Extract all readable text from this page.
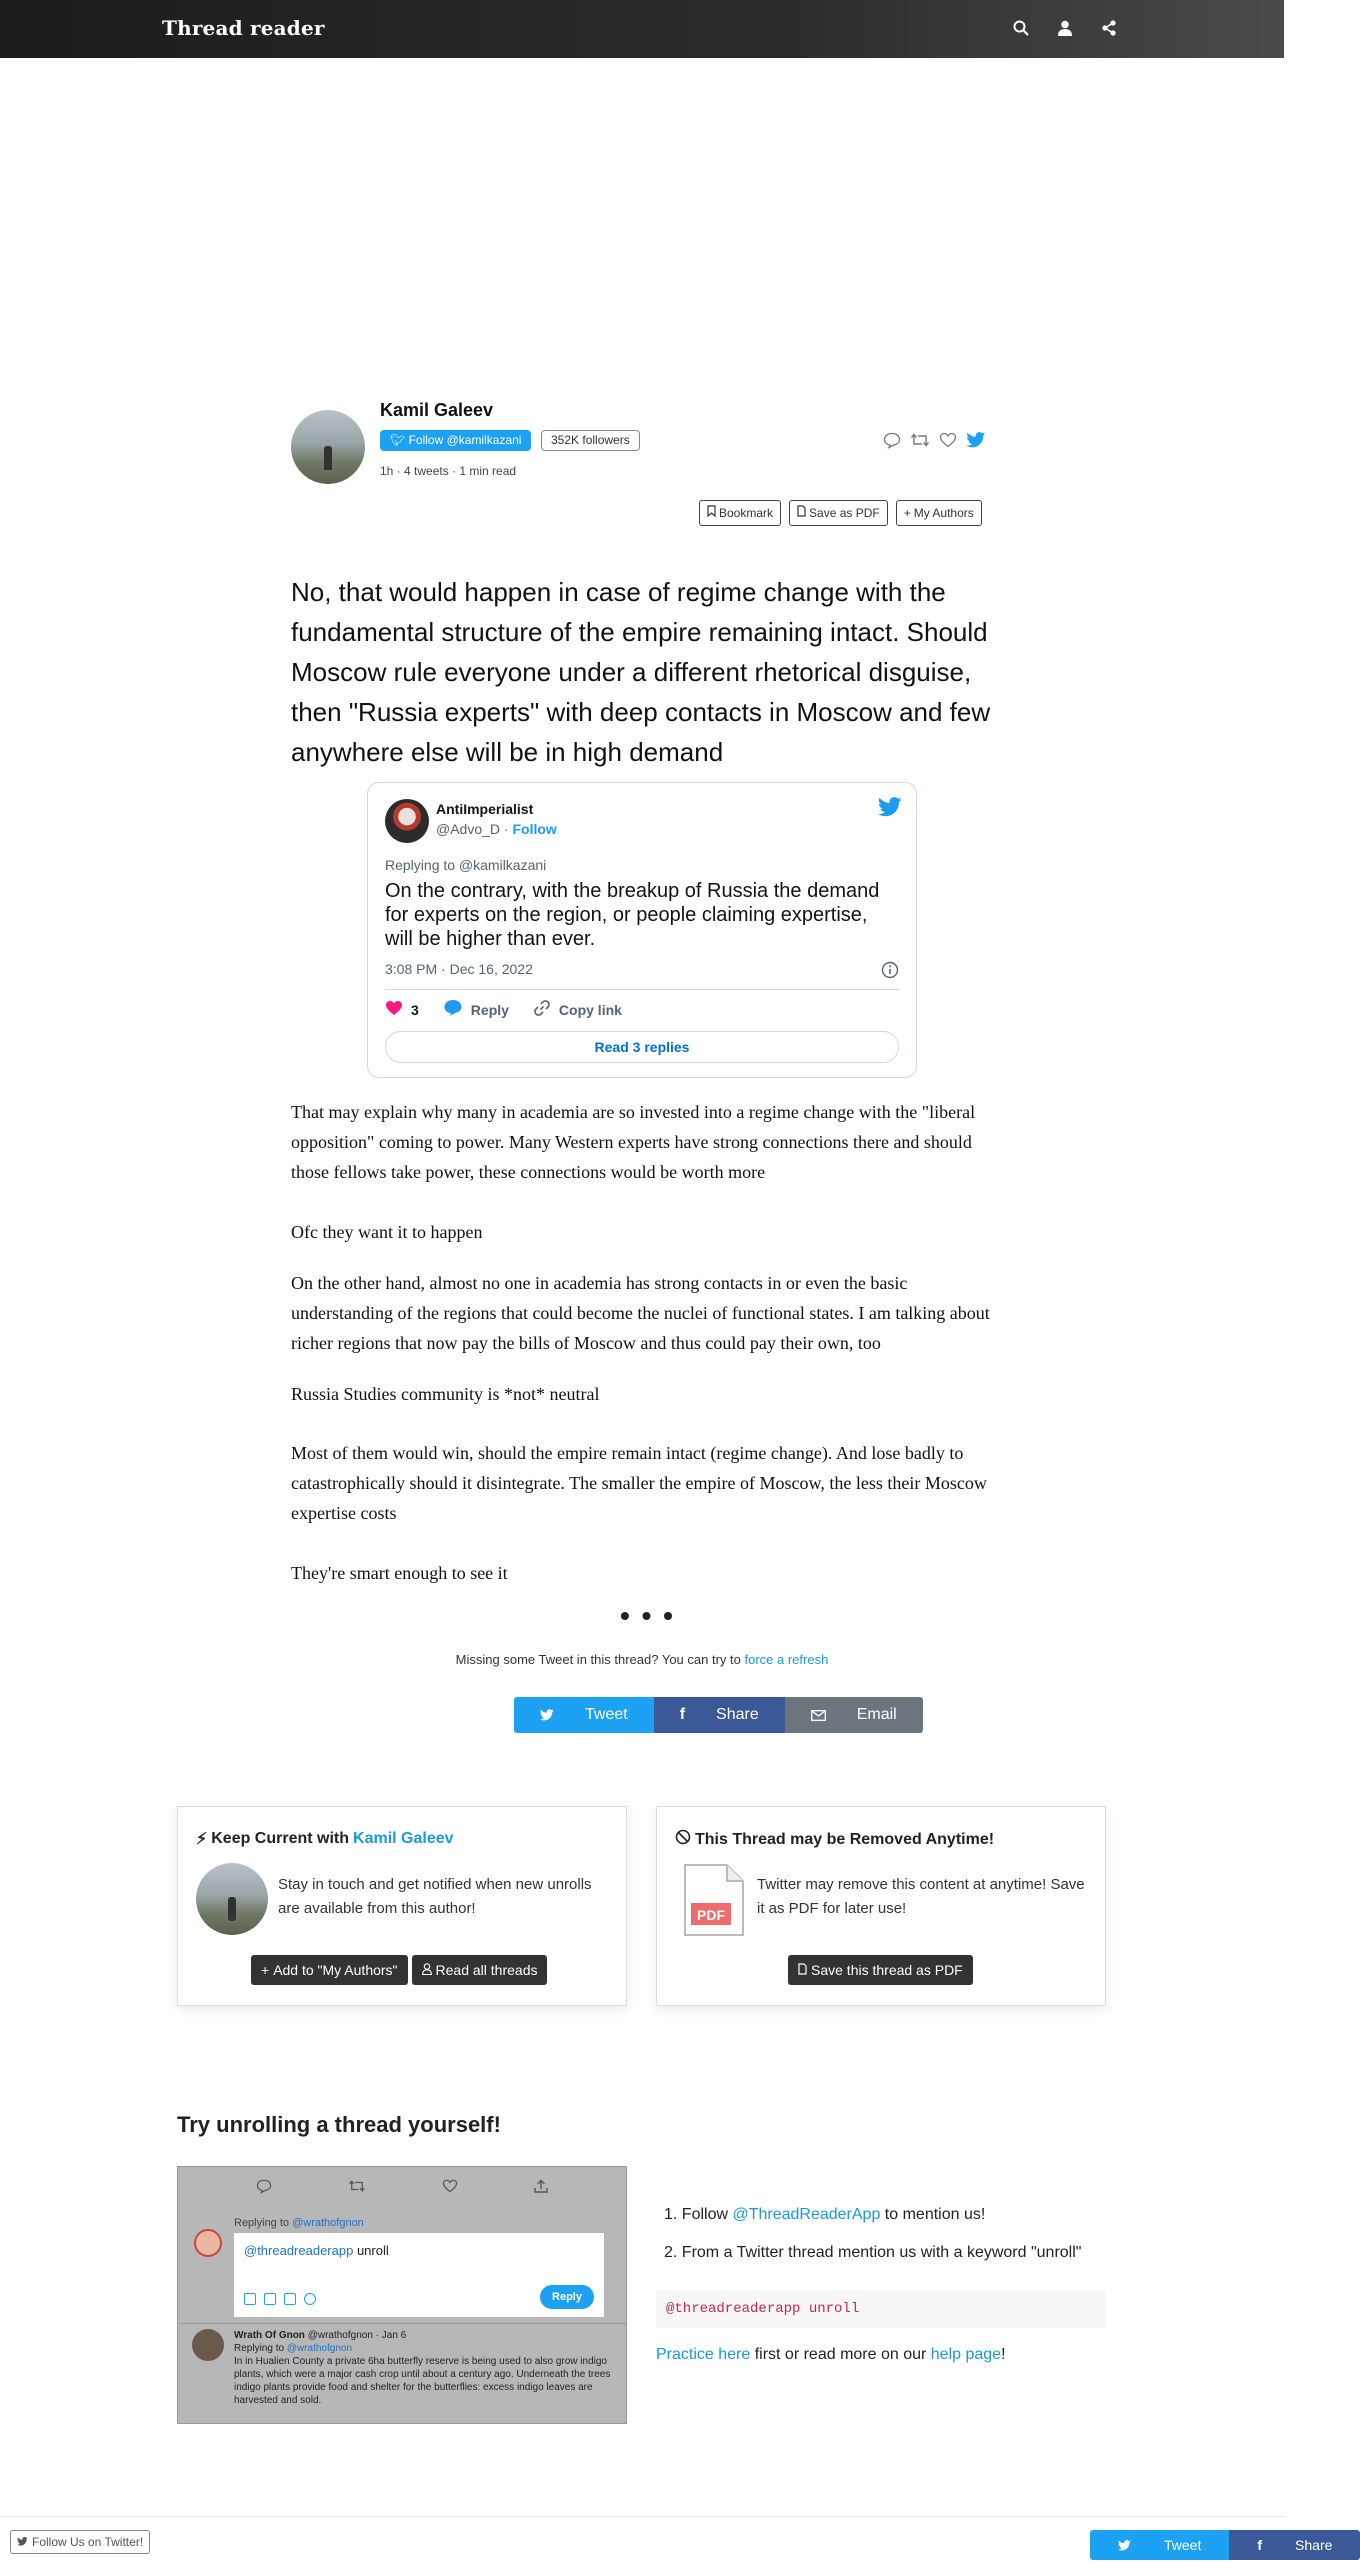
Thread reader
Kamil Galeev
🐦︎ Follow @kamilkazani	352K followers
1h · 4 tweets · 1 min read
Bookmark	Save as PDF + My Authors
No, that would happen in case of regime change with the fundamental structure of the empire remaining intact. Should Moscow rule everyone under a different rhetorical disguise, then "Russia experts" with deep contacts in Moscow and few anywhere else will be in high demand
AntiImperialist
@Advo_D · Follow
Replying to @kamilkazani
On the contrary, with the breakup of Russia the demand for experts on the region, or people claiming expertise, will be higher than ever.
3:08 PM · Dec 16, 2022
3	Reply	Copy link
Read 3 replies
That may explain why many in academia are so invested into a regime change with the "liberal opposition" coming to power. Many Western experts have strong connections there and should those fellows take power, these connections would be worth more
Ofc they want it to happen
On the other hand, almost no one in academia has strong contacts in or even the basic understanding of the regions that could become the nuclei of functional states. I am talking about richer regions that now pay the bills of Moscow and thus could pay their own, too
Russia Studies community is *not* neutral
Most of them would win, should the empire remain intact (regime change). And lose badly to catastrophically should it disintegrate. The smaller the empire of Moscow, the less their Moscow expertise costs
They're smart enough to see it
• • •
Missing some Tweet in this thread? You can try to force a refresh
Tweet	f	Share	Email
⚡︎ Keep Current with Kamil Galeev
Stay in touch and get notified when new unrolls are available from this author!
+ Add to "My Authors"	Read all threads
This Thread may be Removed Anytime!
PDF
Twitter may remove this content at anytime! Save it as PDF for later use!
Save this thread as PDF
Try unrolling a thread yourself!
Replying to @wrathofgnon
@threadreaderapp unroll
Reply
Wrath Of Gnon @wrathofgnon · Jan 6
Replying to @wrathofgnon
In in Hualien County a private 6ha butterfly reserve is being used to also grow indigo plants, which were a major cash crop until about a century ago. Underneath the trees indigo plants provide food and shelter for the butterflies: excess indigo leaves are harvested and sold.
1. Follow @ThreadReaderApp to mention us!
2. From a Twitter thread mention us with a keyword "unroll"
@threadreaderapp unroll
Practice here first or read more on our help page!
Follow Us on Twitter!	Tweet	f	Share
